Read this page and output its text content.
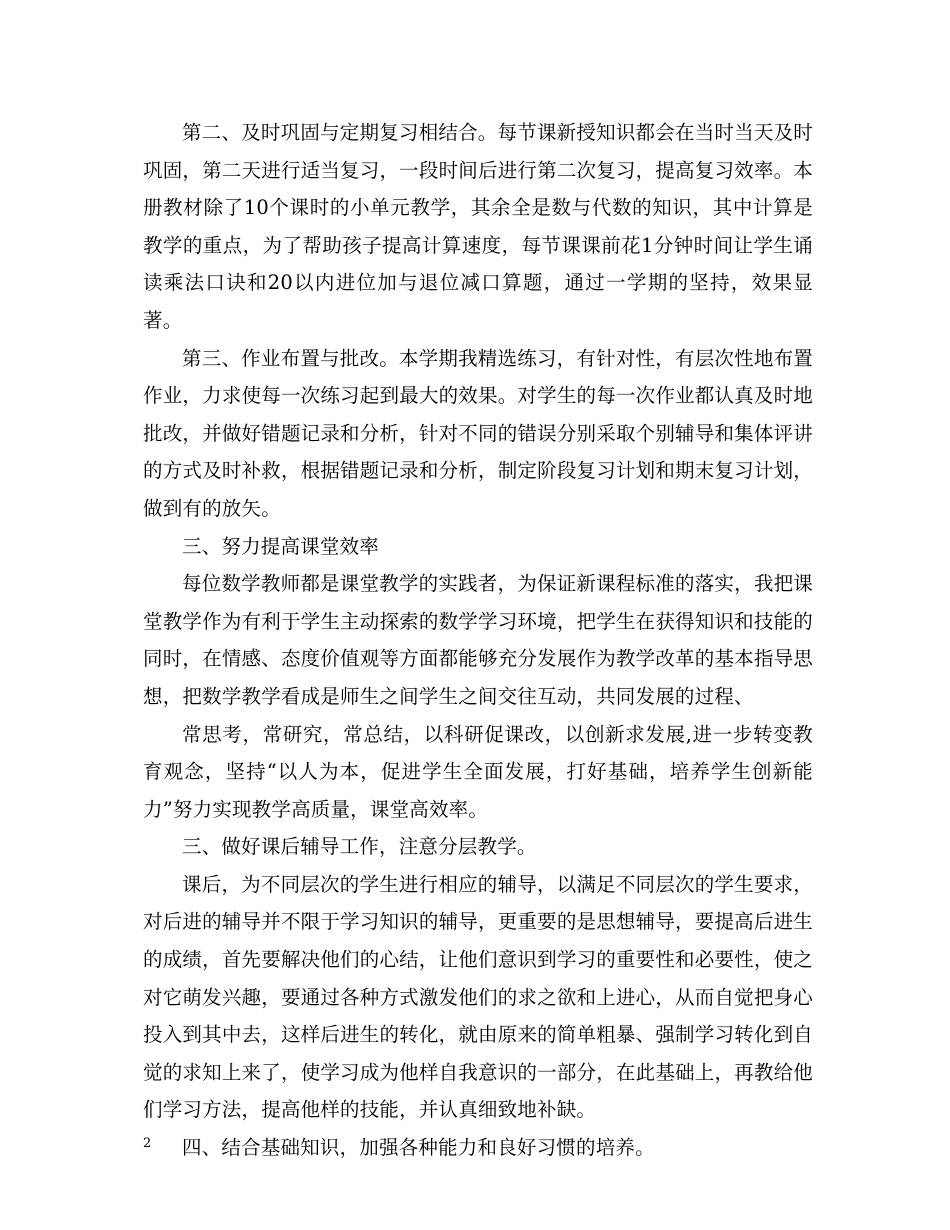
第二、及时巩固与定期复习相结合。每节课新授知识都会在当时当天及时巩固，第二天进行适当复习，一段时间后进行第二次复习，提高复习效率。本册教材除了10个课时的小单元教学，其余全是数与代数的知识，其中计算是教学的重点，为了帮助孩子提高计算速度，每节课课前花1分钟时间让学生诵读乘法口诀和20以内进位加与退位减口算题，通过一学期的坚持，效果显著。

第三、作业布置与批改。本学期我精选练习，有针对性，有层次性地布置作业，力求使每一次练习起到最大的效果。对学生的每一次作业都认真及时地批改，并做好错题记录和分析，针对不同的错误分别采取个别辅导和集体评讲的方式及时补救，根据错题记录和分析，制定阶段复习计划和期末复习计划，做到有的放矢。

三、努力提高课堂效率

每位数学教师都是课堂教学的实践者，为保证新课程标准的落实，我把课堂教学作为有利于学生主动探索的数学学习环境，把学生在获得知识和技能的同时，在情感、态度价值观等方面都能够充分发展作为教学改革的基本指导思想，把数学教学看成是师生之间学生之间交往互动，共同发展的过程、

常思考，常研究，常总结，以科研促课改，以创新求发展,进一步转变教育观念，坚持“以人为本，促进学生全面发展，打好基础，培养学生创新能力”努力实现教学高质量，课堂高效率。

三、做好课后辅导工作，注意分层教学。

课后，为不同层次的学生进行相应的辅导，以满足不同层次的学生要求，对后进的辅导并不限于学习知识的辅导，更重要的是思想辅导，要提高后进生的成绩，首先要解决他们的心结，让他们意识到学习的重要性和必要性，使之对它萌发兴趣，要通过各种方式激发他们的求之欲和上进心，从而自觉把身心投入到其中去，这样后进生的转化，就由原来的简单粗暴、强制学习转化到自觉的求知上来了，使学习成为他样自我意识的一部分，在此基础上，再教给他们学习方法，提高他样的技能，并认真细致地补缺。

四、结合基础知识，加强各种能力和良好习惯的培养。

2
